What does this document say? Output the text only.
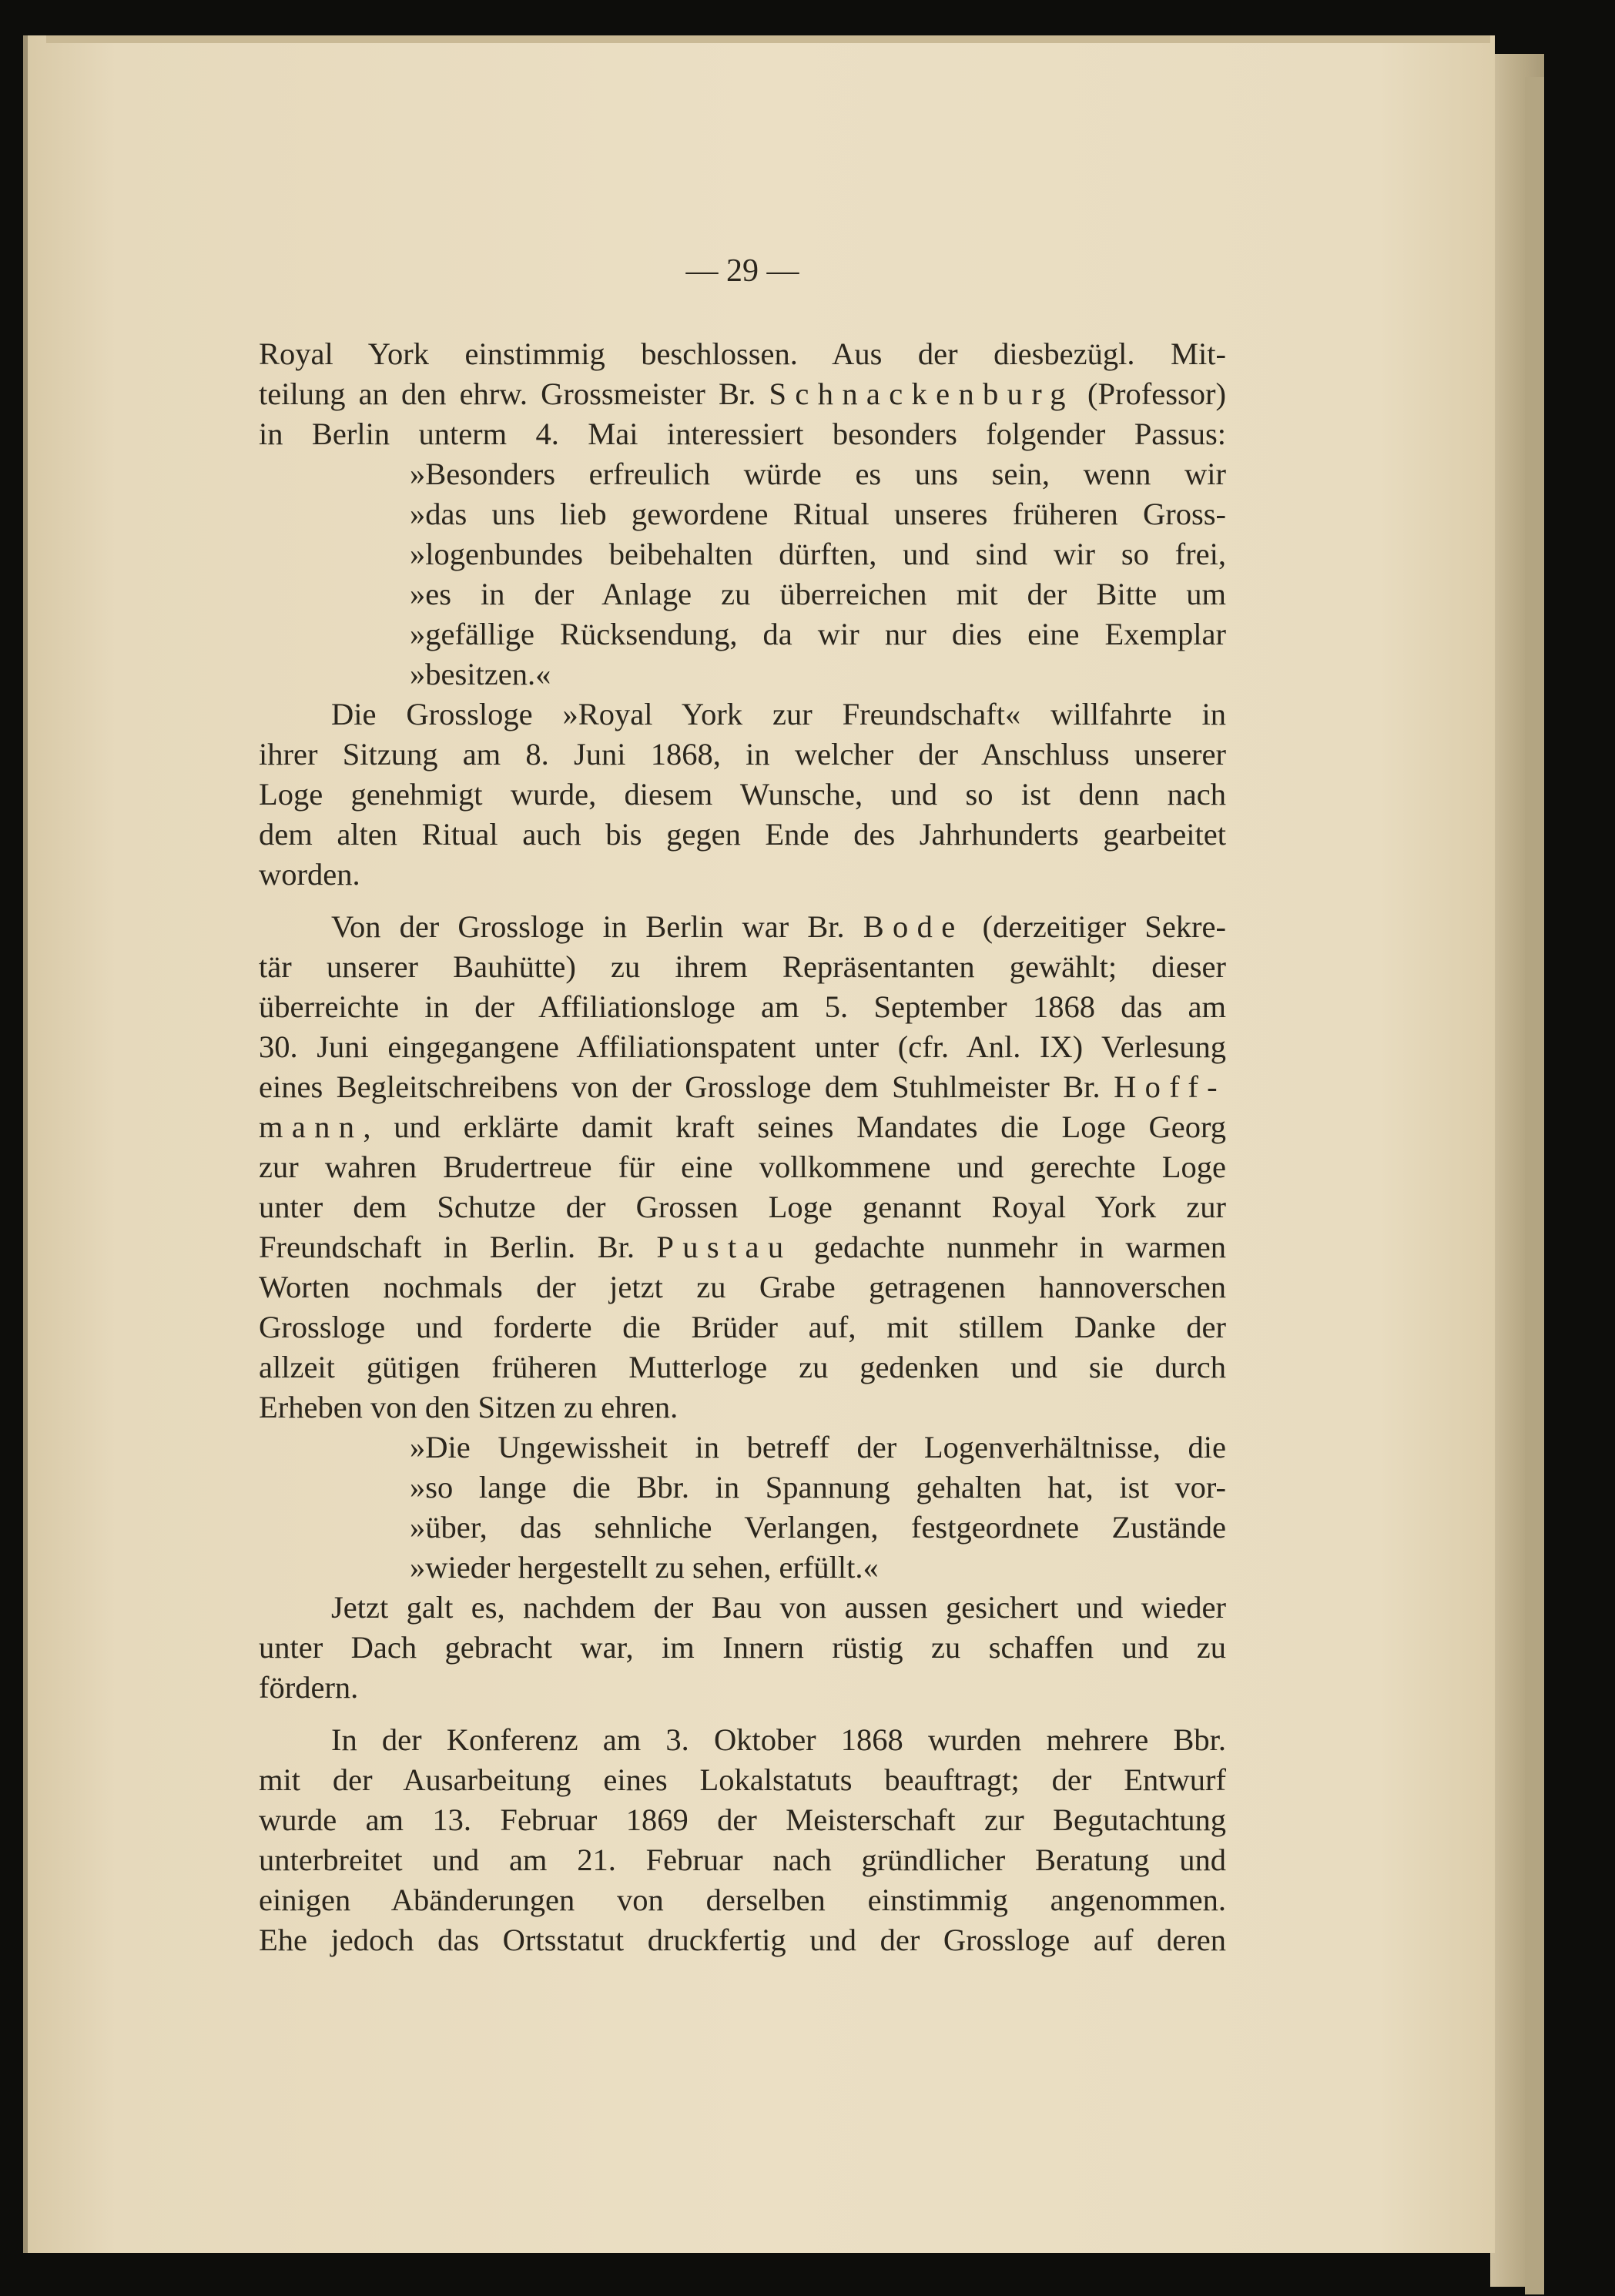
— 29 —
Royal York einstimmig beschlossen. Aus der diesbezügl. Mit-
teilung an den ehrw. Grossmeister Br. Schnackenburg (Professor)
in Berlin unterm 4. Mai interessiert besonders folgender Passus:
»Besonders erfreulich würde es uns sein, wenn wir
»das uns lieb gewordene Ritual unseres früheren Gross-
»logenbundes beibehalten dürften, und sind wir so frei,
»es in der Anlage zu überreichen mit der Bitte um
»gefällige Rücksendung, da wir nur dies eine Exemplar
»besitzen.«
Die Grossloge »Royal York zur Freundschaft« willfahrte in
ihrer Sitzung am 8. Juni 1868, in welcher der Anschluss unserer
Loge genehmigt wurde, diesem Wunsche, und so ist denn nach
dem alten Ritual auch bis gegen Ende des Jahrhunderts gearbeitet
worden.
Von der Grossloge in Berlin war Br. Bode (derzeitiger Sekre-
tär unserer Bauhütte) zu ihrem Repräsentanten gewählt; dieser
überreichte in der Affiliationsloge am 5. September 1868 das am
30. Juni eingegangene Affiliationspatent unter (cfr. Anl. IX) Verlesung
eines Begleitschreibens von der Grossloge dem Stuhlmeister Br. Hoff-
mann, und erklärte damit kraft seines Mandates die Loge Georg
zur wahren Brudertreue für eine vollkommene und gerechte Loge
unter dem Schutze der Grossen Loge genannt Royal York zur
Freundschaft in Berlin. Br. Pustau gedachte nunmehr in warmen
Worten nochmals der jetzt zu Grabe getragenen hannoverschen
Grossloge und forderte die Brüder auf, mit stillem Danke der
allzeit gütigen früheren Mutterloge zu gedenken und sie durch
Erheben von den Sitzen zu ehren.
»Die Ungewissheit in betreff der Logenverhältnisse, die
»so lange die Bbr. in Spannung gehalten hat, ist vor-
»über, das sehnliche Verlangen, festgeordnete Zustände
»wieder hergestellt zu sehen, erfüllt.«
Jetzt galt es, nachdem der Bau von aussen gesichert und wieder
unter Dach gebracht war, im Innern rüstig zu schaffen und zu
fördern.
In der Konferenz am 3. Oktober 1868 wurden mehrere Bbr.
mit der Ausarbeitung eines Lokalstatuts beauftragt; der Entwurf
wurde am 13. Februar 1869 der Meisterschaft zur Begutachtung
unterbreitet und am 21. Februar nach gründlicher Beratung und
einigen Abänderungen von derselben einstimmig angenommen.
Ehe jedoch das Ortsstatut druckfertig und der Grossloge auf deren
